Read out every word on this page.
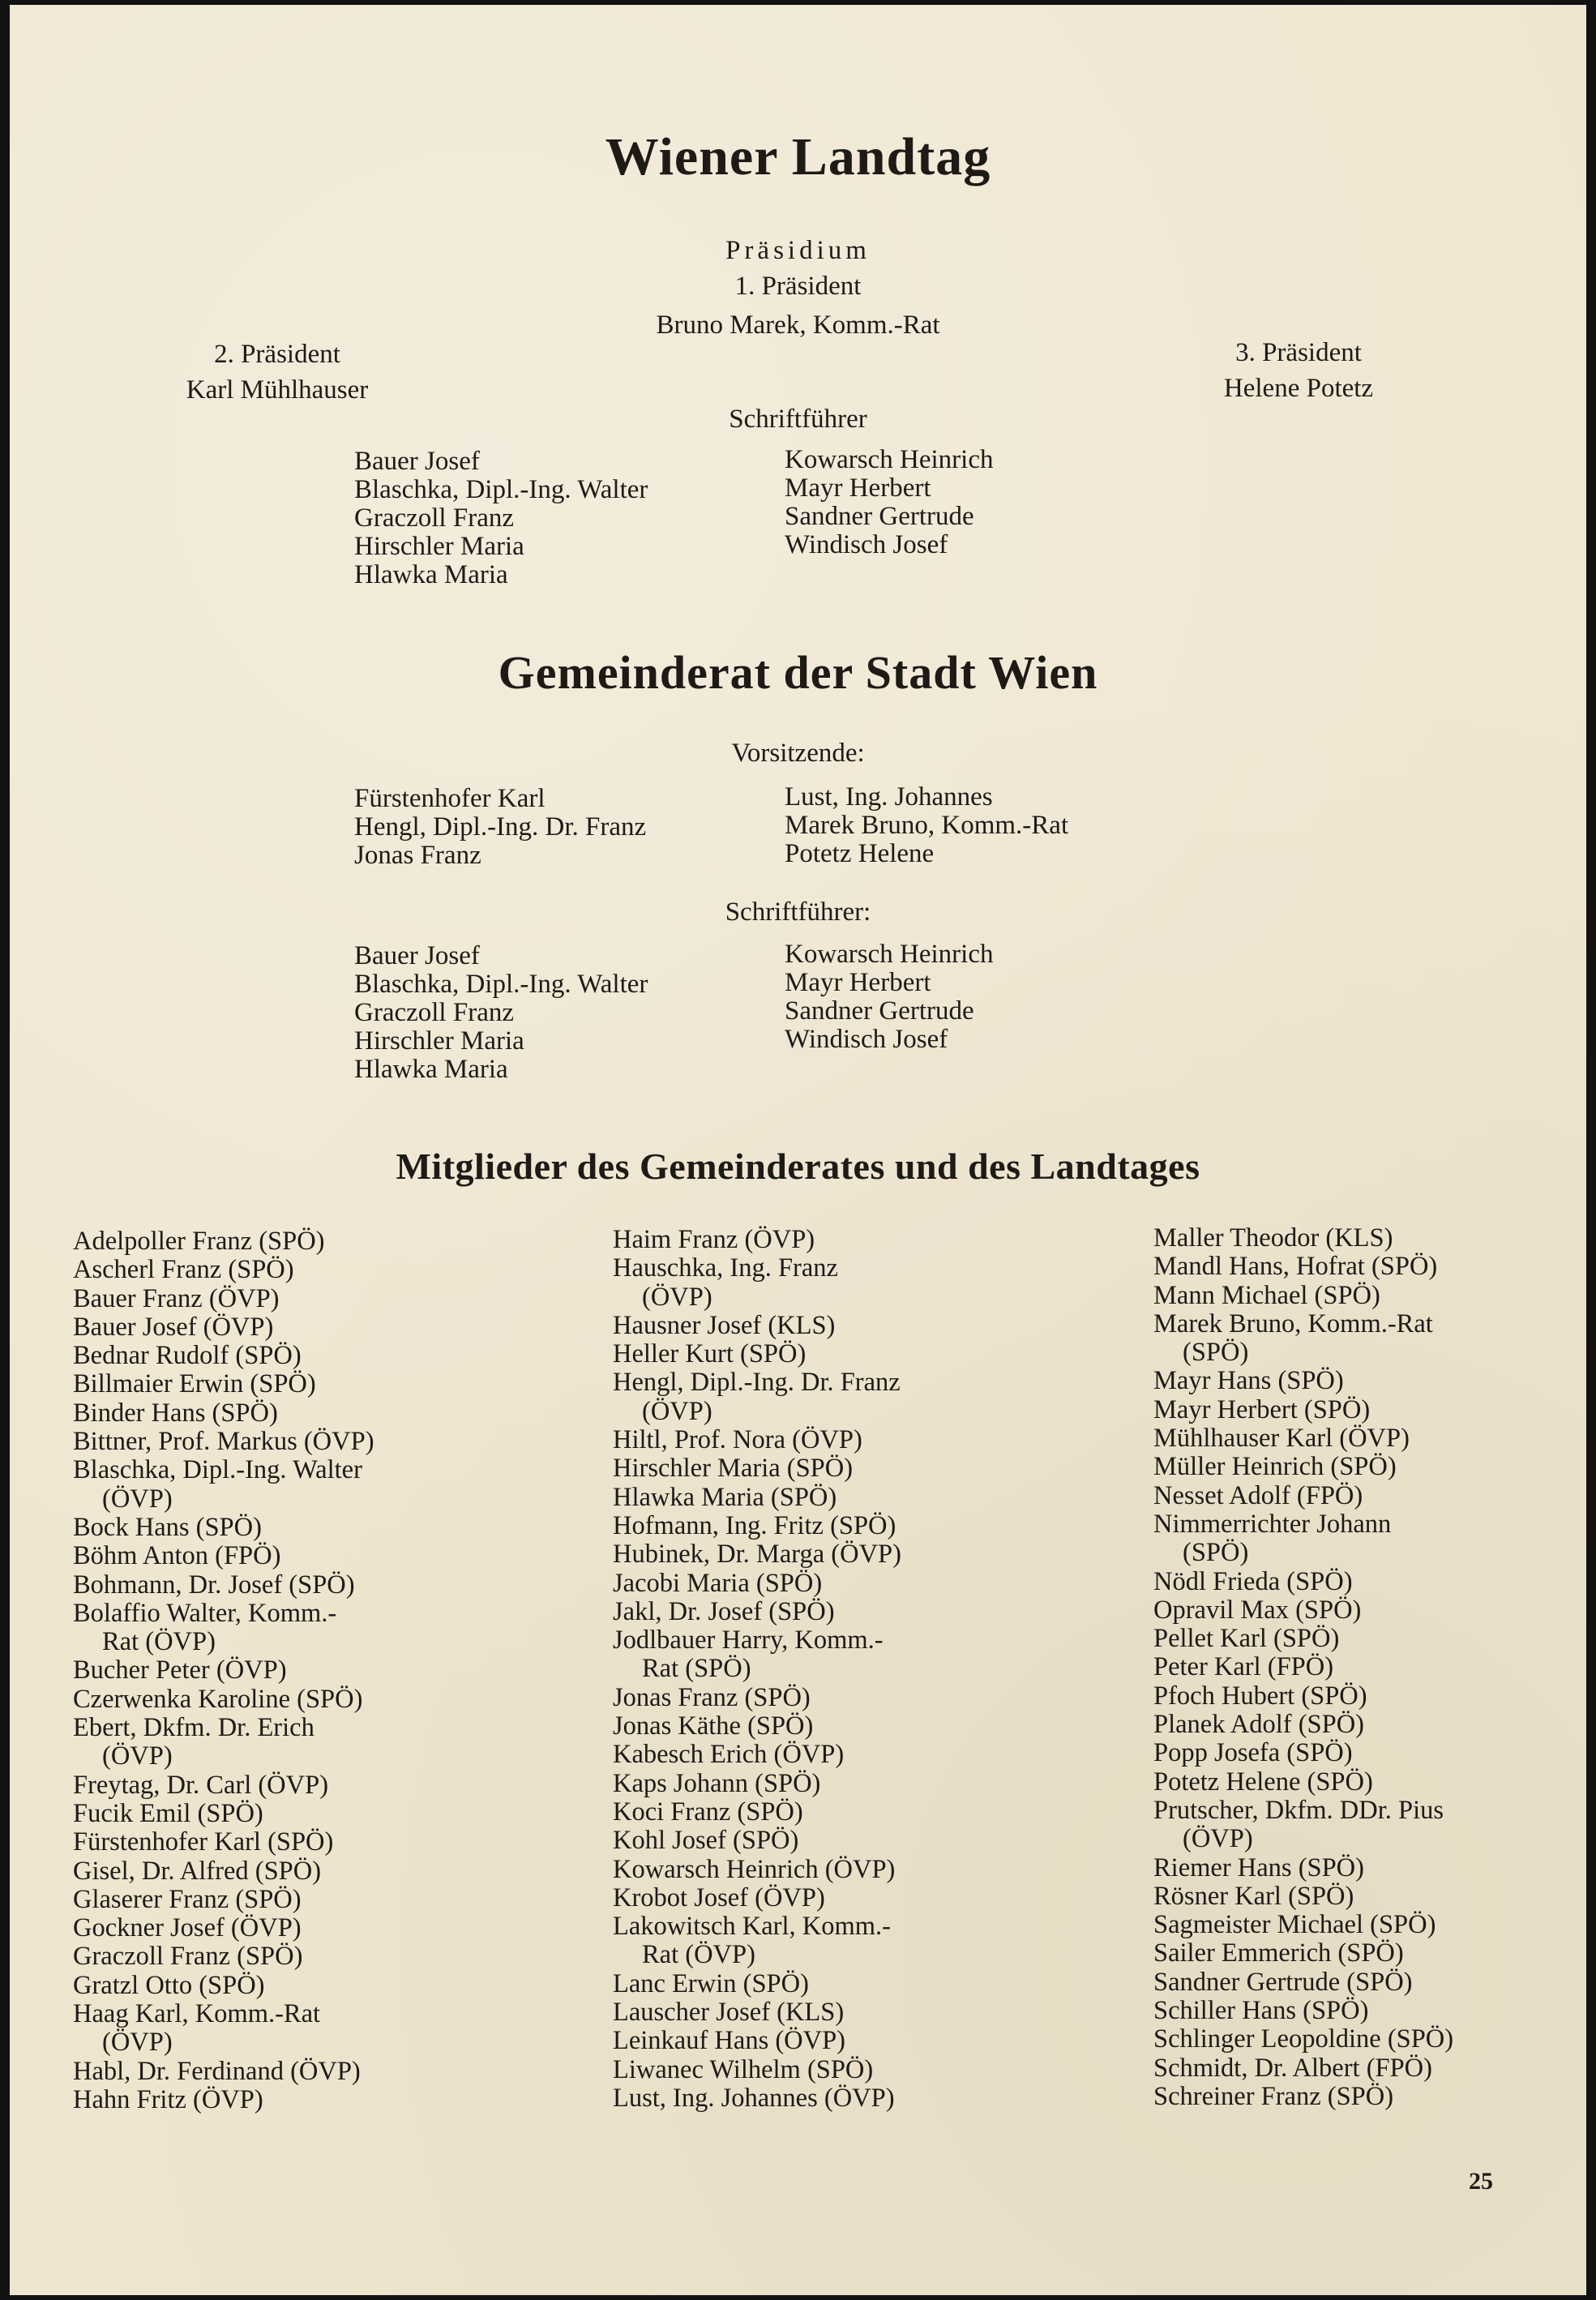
Wiener Landtag
Präsidium
1. Präsident
Bruno Marek, Komm.-Rat
2. Präsident
Karl Mühlhauser
3. Präsident
Helene Potetz
Schriftführer
Bauer Josef
Blaschka, Dipl.-Ing. Walter
Graczoll Franz
Hirschler Maria
Hlawka Maria
Kowarsch Heinrich
Mayr Herbert
Sandner Gertrude
Windisch Josef
Gemeinderat der Stadt Wien
Vorsitzende:
Fürstenhofer Karl
Hengl, Dipl.-Ing. Dr. Franz
Jonas Franz
Lust, Ing. Johannes
Marek Bruno, Komm.-Rat
Potetz Helene
Schriftführer:
Bauer Josef
Blaschka, Dipl.-Ing. Walter
Graczoll Franz
Hirschler Maria
Hlawka Maria
Kowarsch Heinrich
Mayr Herbert
Sandner Gertrude
Windisch Josef
Mitglieder des Gemeinderates und des Landtages
Adelpoller Franz (SPÖ)
Ascherl Franz (SPÖ)
Bauer Franz (ÖVP)
Bauer Josef (ÖVP)
Bednar Rudolf (SPÖ)
Billmaier Erwin (SPÖ)
Binder Hans (SPÖ)
Bittner, Prof. Markus (ÖVP)
Blaschka, Dipl.-Ing. Walter
(ÖVP)
Bock Hans (SPÖ)
Böhm Anton (FPÖ)
Bohmann, Dr. Josef (SPÖ)
Bolaffio Walter, Komm.-
Rat (ÖVP)
Bucher Peter (ÖVP)
Czerwenka Karoline (SPÖ)
Ebert, Dkfm. Dr. Erich
(ÖVP)
Freytag, Dr. Carl (ÖVP)
Fucik Emil (SPÖ)
Fürstenhofer Karl (SPÖ)
Gisel, Dr. Alfred (SPÖ)
Glaserer Franz (SPÖ)
Gockner Josef (ÖVP)
Graczoll Franz (SPÖ)
Gratzl Otto (SPÖ)
Haag Karl, Komm.-Rat
(ÖVP)
Habl, Dr. Ferdinand (ÖVP)
Hahn Fritz (ÖVP)
Haim Franz (ÖVP)
Hauschka, Ing. Franz
(ÖVP)
Hausner Josef (KLS)
Heller Kurt (SPÖ)
Hengl, Dipl.-Ing. Dr. Franz
(ÖVP)
Hiltl, Prof. Nora (ÖVP)
Hirschler Maria (SPÖ)
Hlawka Maria (SPÖ)
Hofmann, Ing. Fritz (SPÖ)
Hubinek, Dr. Marga (ÖVP)
Jacobi Maria (SPÖ)
Jakl, Dr. Josef (SPÖ)
Jodlbauer Harry, Komm.-
Rat (SPÖ)
Jonas Franz (SPÖ)
Jonas Käthe (SPÖ)
Kabesch Erich (ÖVP)
Kaps Johann (SPÖ)
Koci Franz (SPÖ)
Kohl Josef (SPÖ)
Kowarsch Heinrich (ÖVP)
Krobot Josef (ÖVP)
Lakowitsch Karl, Komm.-
Rat (ÖVP)
Lanc Erwin (SPÖ)
Lauscher Josef (KLS)
Leinkauf Hans (ÖVP)
Liwanec Wilhelm (SPÖ)
Lust, Ing. Johannes (ÖVP)
Maller Theodor (KLS)
Mandl Hans, Hofrat (SPÖ)
Mann Michael (SPÖ)
Marek Bruno, Komm.-Rat
(SPÖ)
Mayr Hans (SPÖ)
Mayr Herbert (SPÖ)
Mühlhauser Karl (ÖVP)
Müller Heinrich (SPÖ)
Nesset Adolf (FPÖ)
Nimmerrichter Johann
(SPÖ)
Nödl Frieda (SPÖ)
Opravil Max (SPÖ)
Pellet Karl (SPÖ)
Peter Karl (FPÖ)
Pfoch Hubert (SPÖ)
Planek Adolf (SPÖ)
Popp Josefa (SPÖ)
Potetz Helene (SPÖ)
Prutscher, Dkfm. DDr. Pius
(ÖVP)
Riemer Hans (SPÖ)
Rösner Karl (SPÖ)
Sagmeister Michael (SPÖ)
Sailer Emmerich (SPÖ)
Sandner Gertrude (SPÖ)
Schiller Hans (SPÖ)
Schlinger Leopoldine (SPÖ)
Schmidt, Dr. Albert (FPÖ)
Schreiner Franz (SPÖ)
25
